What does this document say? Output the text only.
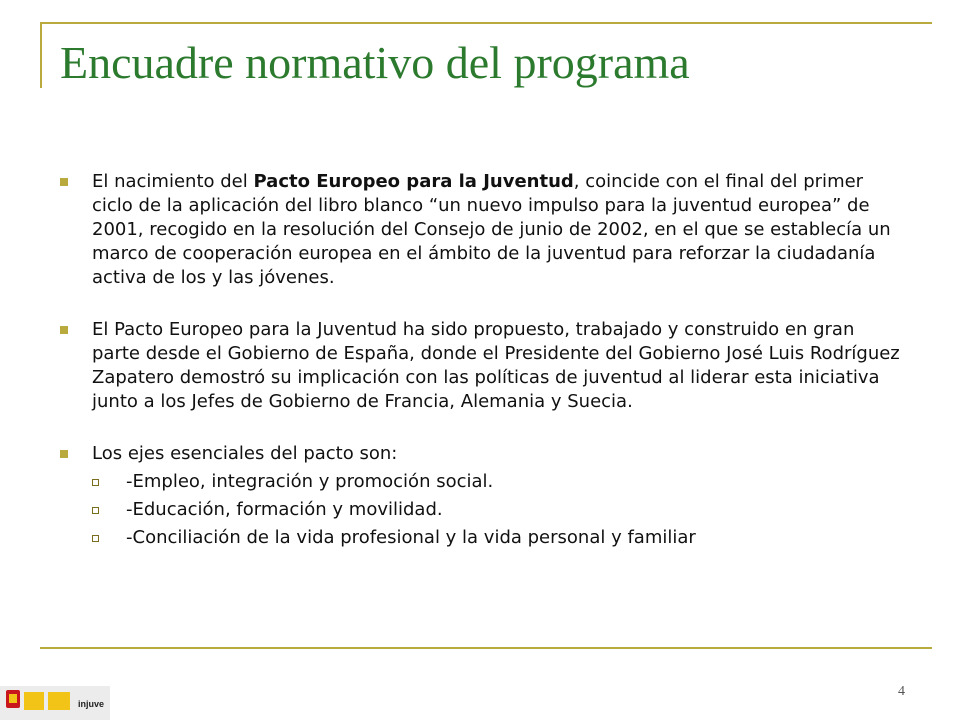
Encuadre normativo del programa

El nacimiento del Pacto Europeo para la Juventud, coincide con el final del primer ciclo de la aplicación del libro blanco “un nuevo impulso para la juventud europea” de 2001, recogido en la resolución del Consejo de junio de 2002, en el que se establecía un marco de cooperación europea en el ámbito de la juventud para reforzar la ciudadanía activa de los y las jóvenes.

El Pacto Europeo para la Juventud ha sido propuesto, trabajado y construido en gran parte desde el Gobierno de España, donde el Presidente del Gobierno José Luis Rodríguez Zapatero demostró su implicación con las políticas de juventud al liderar esta iniciativa junto a los Jefes de Gobierno de Francia, Alemania y Suecia.

Los ejes esenciales del pacto son:
-Empleo, integración y promoción social.
-Educación, formación y movilidad.
-Conciliación de la vida profesional y la vida personal y familiar
4
injuve
